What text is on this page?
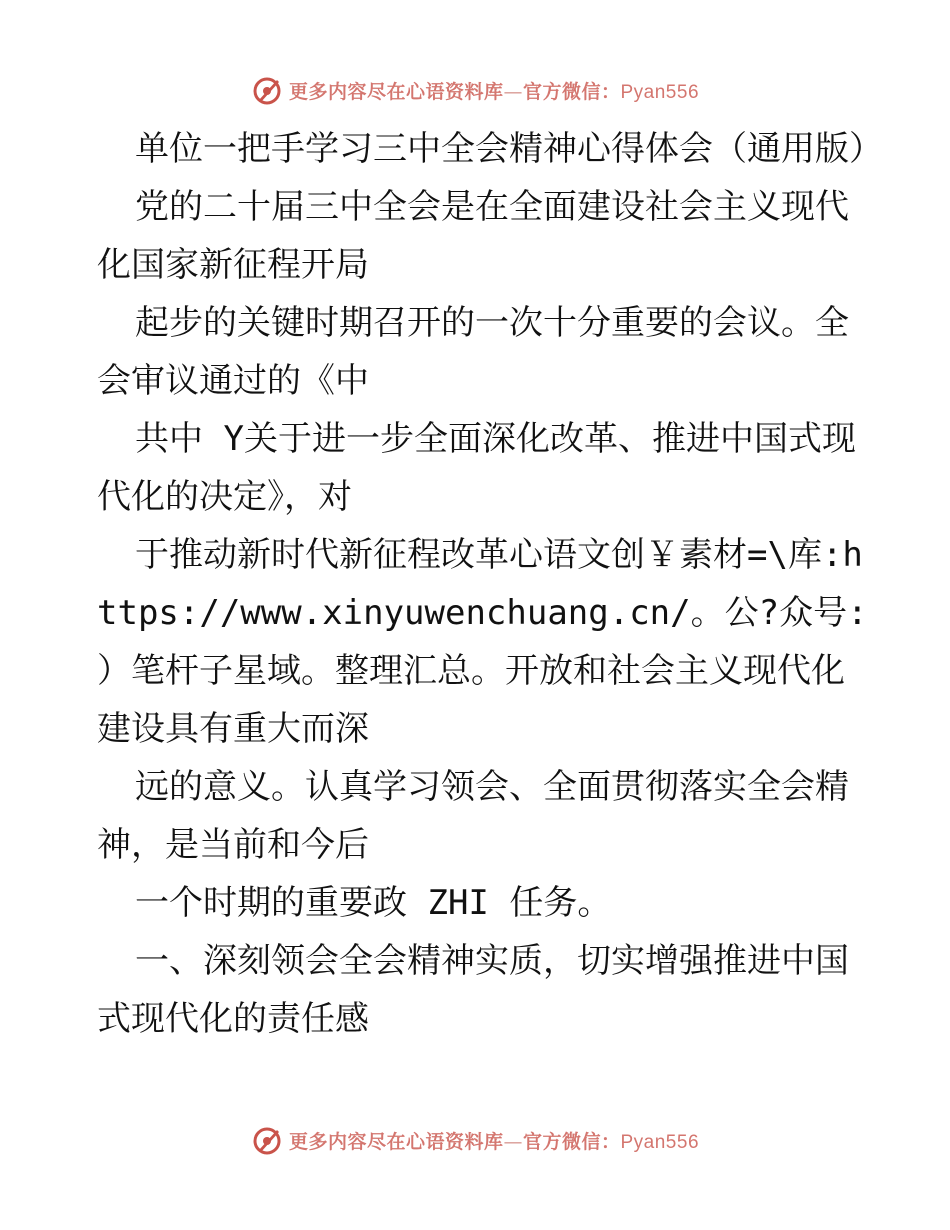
更多内容尽在心语资料库—官方微信：Pyan556

单位一把手学习三中全会精神心得体会（通用版）

党的二十届三中全会是在全面建设社会主义现代化国家新征程开局

起步的关键时期召开的一次十分重要的会议。全会审议通过的《中

共中 Y关于进一步全面深化改革、推进中国式现代化的决定》，对

于推动新时代新征程改革心语文创￥素材=\库:https://www.xinyuwenchuang.cn/。公?众号: ）笔杆子星域。整理汇总。开放和社会主义现代化建设具有重大而深

远的意义。认真学习领会、全面贯彻落实全会精神，是当前和今后

一个时期的重要政 ZHI 任务。

一、深刻领会全会精神实质，切实增强推进中国式现代化的责任感

更多内容尽在心语资料库—官方微信：Pyan556
